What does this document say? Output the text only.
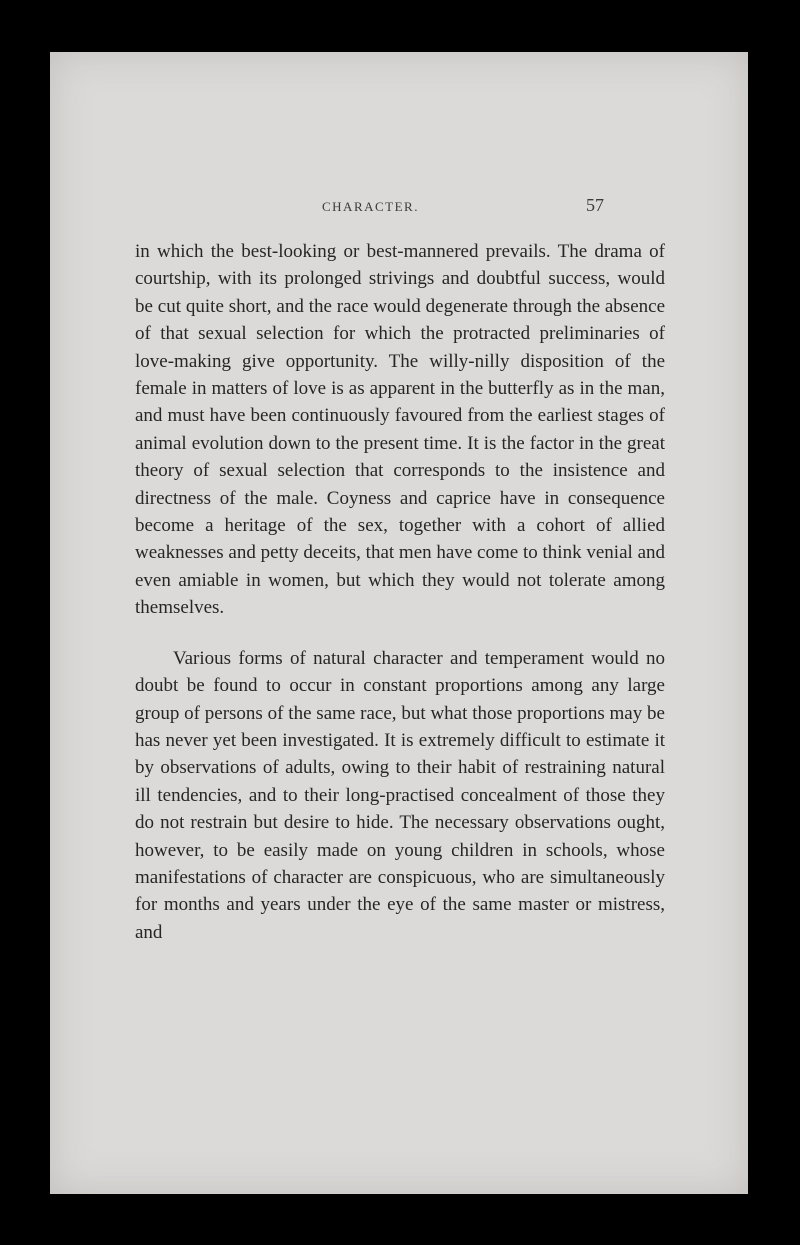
CHARACTER.	57

in which the best-looking or best-mannered prevails. The drama of courtship, with its prolonged strivings and doubtful success, would be cut quite short, and the race would degenerate through the absence of that sexual selection for which the protracted preliminaries of love-making give opportunity. The willy-nilly disposition of the female in matters of love is as apparent in the butterfly as in the man, and must have been continuously favoured from the earliest stages of animal evolution down to the present time. It is the factor in the great theory of sexual selection that corresponds to the insistence and directness of the male. Coyness and caprice have in consequence become a heritage of the sex, together with a cohort of allied weaknesses and petty deceits, that men have come to think venial and even amiable in women, but which they would not tolerate among themselves.

Various forms of natural character and temperament would no doubt be found to occur in constant proportions among any large group of persons of the same race, but what those proportions may be has never yet been investigated. It is extremely difficult to estimate it by observations of adults, owing to their habit of restraining natural ill tendencies, and to their long-practised concealment of those they do not restrain but desire to hide. The necessary observations ought, however, to be easily made on young children in schools, whose manifestations of character are conspicuous, who are simultaneously for months and years under the eye of the same master or mistress, and
